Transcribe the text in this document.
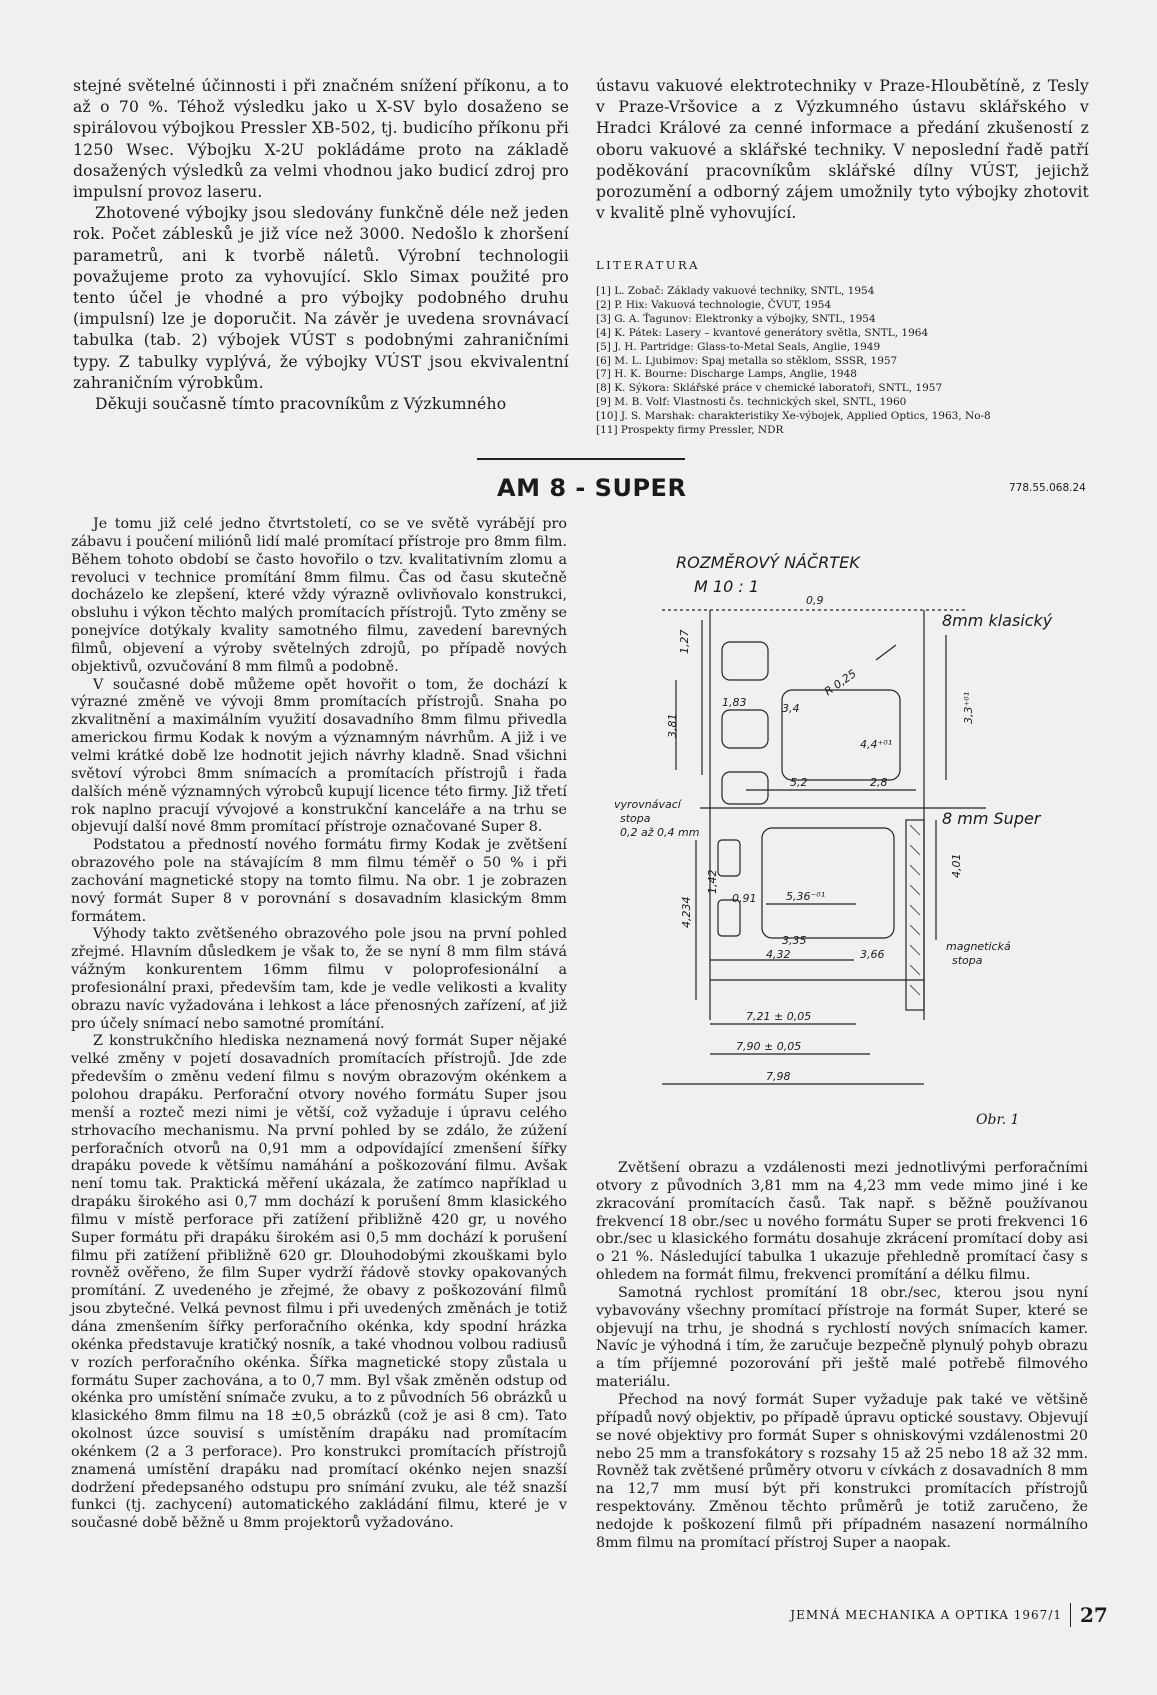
stejné světelné účinnosti i při značném snížení příkonu, a to až o 70 %. Téhož výsledku jako u X-SV bylo dosaženo se spirálovou výbojkou Pressler XB-502, tj. budicího příkonu při 1250 Wsec. Výbojku X-2U pokládáme proto na základě dosažených výsledků za velmi vhodnou jako budicí zdroj pro impulsní provoz laseru.

Zhotovené výbojky jsou sledovány funkčně déle než jeden rok. Počet záblesků je již více než 3000. Nedošlo k zhoršení parametrů, ani k tvorbě náletů. Výrobní technologii považujeme proto za vyhovující. Sklo Simax použité pro tento účel je vhodné a pro výbojky podobného druhu (impulsní) lze je doporučit. Na závěr je uvedena srovnávací tabulka (tab. 2) výbojek VÚST s podobnými zahraničními typy. Z tabulky vyplývá, že výbojky VÚST jsou ekvivalentní zahraničním výrobkům.

Děkuji současně tímto pracovníkům z Výzkumného

ústavu vakuové elektrotechniky v Praze-Hloubětíně, z Tesly v Praze-Vršovice a z Výzkumného ústavu sklářského v Hradci Králové za cenné informace a předání zkušeností z oboru vakuové a sklářské techniky. V neposlední řadě patří poděkování pracovníkům sklářské dílny VÚST, jejichž porozumění a odborný zájem umožnily tyto výbojky zhotovit v kvalitě plně vyhovující.

LITERATURA
[1] L. Zobač: Základy vakuové techniky, SNTL, 1954
[2] P. Hix: Vakuová technologie, ČVUT, 1954
[3] G. A. Ťagunov: Elektronky a výbojky, SNTL, 1954
[4] K. Pátek: Lasery – kvantové generátory světla, SNTL, 1964
[5] J. H. Partridge: Glass-to-Metal Seals, Anglie, 1949
[6] M. L. Ljubimov: Spaj metalla so stěklom, SSSR, 1957
[7] H. K. Bourne: Discharge Lamps, Anglie, 1948
[8] K. Sýkora: Sklářské práce v chemické laboratoři, SNTL, 1957
[9] M. B. Volf: Vlastnosti čs. technických skel, SNTL, 1960
[10] J. S. Marshak: charakteristiky Xe-výbojek, Applied Optics, 1963, No-8
[11] Prospekty firmy Pressler, NDR
AM 8 - SUPER	778.55.068.24

Je tomu již celé jedno čtvrtstoletí, co se ve světě vyrábějí pro zábavu i poučení miliónů lidí malé promítací přístroje pro 8mm film. Během tohoto období se často hovořilo o tzv. kvalitativním zlomu a revoluci v technice promítání 8mm filmu. Čas od času skutečně docházelo ke zlepšení, které vždy výrazně ovlivňovalo konstrukci, obsluhu i výkon těchto malých promítacích přístrojů. Tyto změny se ponejvíce dotýkaly kvality samotného filmu, zavedení barevných filmů, objevení a výroby světelných zdrojů, po případě nových objektivů, ozvučování 8 mm filmů a podobně.

V současné době můžeme opět hovořit o tom, že dochází k výrazné změně ve vývoji 8mm promítacích přístrojů. Snaha po zkvalitnění a maximálním využití dosavadního 8mm filmu přivedla americkou firmu Kodak k novým a významným návrhům. A již i ve velmi krátké době lze hodnotit jejich návrhy kladně. Snad všichni světoví výrobci 8mm snímacích a promítacích přístrojů i řada dalších méně významných výrobců kupují licence této firmy. Již třetí rok naplno pracují vývojové a konstrukční kanceláře a na trhu se objevují další nové 8mm promítací přístroje označované Super 8.

Podstatou a předností nového formátu firmy Kodak je zvětšení obrazového pole na stávajícím 8 mm filmu téměř o 50 % i při zachování magnetické stopy na tomto filmu. Na obr. 1 je zobrazen nový formát Super 8 v porovnání s dosavadním klasickým 8mm formátem.

Výhody takto zvětšeného obrazového pole jsou na první pohled zřejmé. Hlavním důsledkem je však to, že se nyní 8 mm film stává vážným konkurentem 16mm filmu v poloprofesionální a profesionální praxi, především tam, kde je vedle velikosti a kvality obrazu navíc vyžadována i lehkost a láce přenosných zařízení, ať již pro účely snímací nebo samotné promítání.

Z konstrukčního hlediska neznamená nový formát Super nějaké velké změny v pojetí dosavadních promítacích přístrojů. Jde zde především o změnu vedení filmu s novým obrazovým okénkem a polohou drapáku. Perforační otvory nového formátu Super jsou menší a rozteč mezi nimi je větší, což vyžaduje i úpravu celého strhovacího mechanismu. Na první pohled by se zdálo, že zúžení perforačních otvorů na 0,91 mm a odpovídající zmenšení šířky drapáku povede k většímu namáhání a poškozování filmu. Avšak není tomu tak. Praktická měření ukázala, že zatímco například u drapáku širokého asi 0,7 mm dochází k porušení 8mm klasického filmu v místě perforace při zatížení přibližně 420 gr, u nového Super formátu při drapáku širokém asi 0,5 mm dochází k porušení filmu při zatížení přibližně 620 gr. Dlouhodobými zkouškami bylo rovněž ověřeno, že film Super vydrží řádově stovky opakovaných promítání. Z uvedeného je zřejmé, že obavy z poškozování filmů jsou zbytečné. Velká pevnost filmu i při uvedených změnách je totiž dána zmenšením šířky perforačního okénka, kdy spodní hrázka okénka představuje kratičký nosník, a také vhodnou volbou radiusů v rozích perforačního okénka. Šířka magnetické stopy zůstala u formátu Super zachována, a to 0,7 mm. Byl však změněn odstup od okénka pro umístění snímače zvuku, a to z původních 56 obrázků u klasického 8mm filmu na 18 ±0,5 obrázků (což je asi 8 cm). Tato okolnost úzce souvisí s umístěním drapáku nad promítacím okénkem (2 a 3 perforace). Pro konstrukci promítacích přístrojů znamená umístění drapáku nad promítací okénko nejen snazší dodržení předepsaného odstupu pro snímání zvuku, ale též snazší funkci (tj. zachycení) automatického zakládání filmu, které je v současné době běžně u 8mm projektorů vyžadováno.

ROZMĚROVÝ NÁČRTEK
M 10 : 1
8mm klasický
8 mm Super
vyrovnávací
stopa
0,2 až 0,4 mm
magnetická
stopa
0,9
1,27
1,83	3,4
R 0,25
3,81
3,3⁺⁰¹
4,4⁺⁰¹
5,2	2,8
1,42
0,91	5,36⁻⁰¹
4,234
4,01
3,35
4,32	3,66
7,21 ± 0,05
7,90 ± 0,05
7,98
Obr. 1

Zvětšení obrazu a vzdálenosti mezi jednotlivými perforačními otvory z původních 3,81 mm na 4,23 mm vede mimo jiné i ke zkracování promítacích časů. Tak např. s běžně používanou frekvencí 18 obr./sec u nového formátu Super se proti frekvenci 16 obr./sec u klasického formátu dosahuje zkrácení promítací doby asi o 21 %. Následující tabulka 1 ukazuje přehledně promítací časy s ohledem na formát filmu, frekvenci promítání a délku filmu.

Samotná rychlost promítání 18 obr./sec, kterou jsou nyní vybavovány všechny promítací přístroje na formát Super, které se objevují na trhu, je shodná s rychlostí nových snímacích kamer. Navíc je výhodná i tím, že zaručuje bezpečně plynulý pohyb obrazu a tím příjemné pozorování při ještě malé potřebě filmového materiálu.

Přechod na nový formát Super vyžaduje pak také ve většině případů nový objektiv, po případě úpravu optické soustavy. Objevují se nové objektivy pro formát Super s ohniskovými vzdálenostmi 20 nebo 25 mm a transfokátory s rozsahy 15 až 25 nebo 18 až 32 mm. Rovněž tak zvětšené průměry otvoru v cívkách z dosavadních 8 mm na 12,7 mm musí být při konstrukci promítacích přístrojů respektovány. Změnou těchto průměrů je totiž zaručeno, že nedojde k poškození filmů při případném nasazení normálního 8mm filmu na promítací přístroj Super a naopak.

JEMNÁ MECHANIKA A OPTIKA 1967/1 27
